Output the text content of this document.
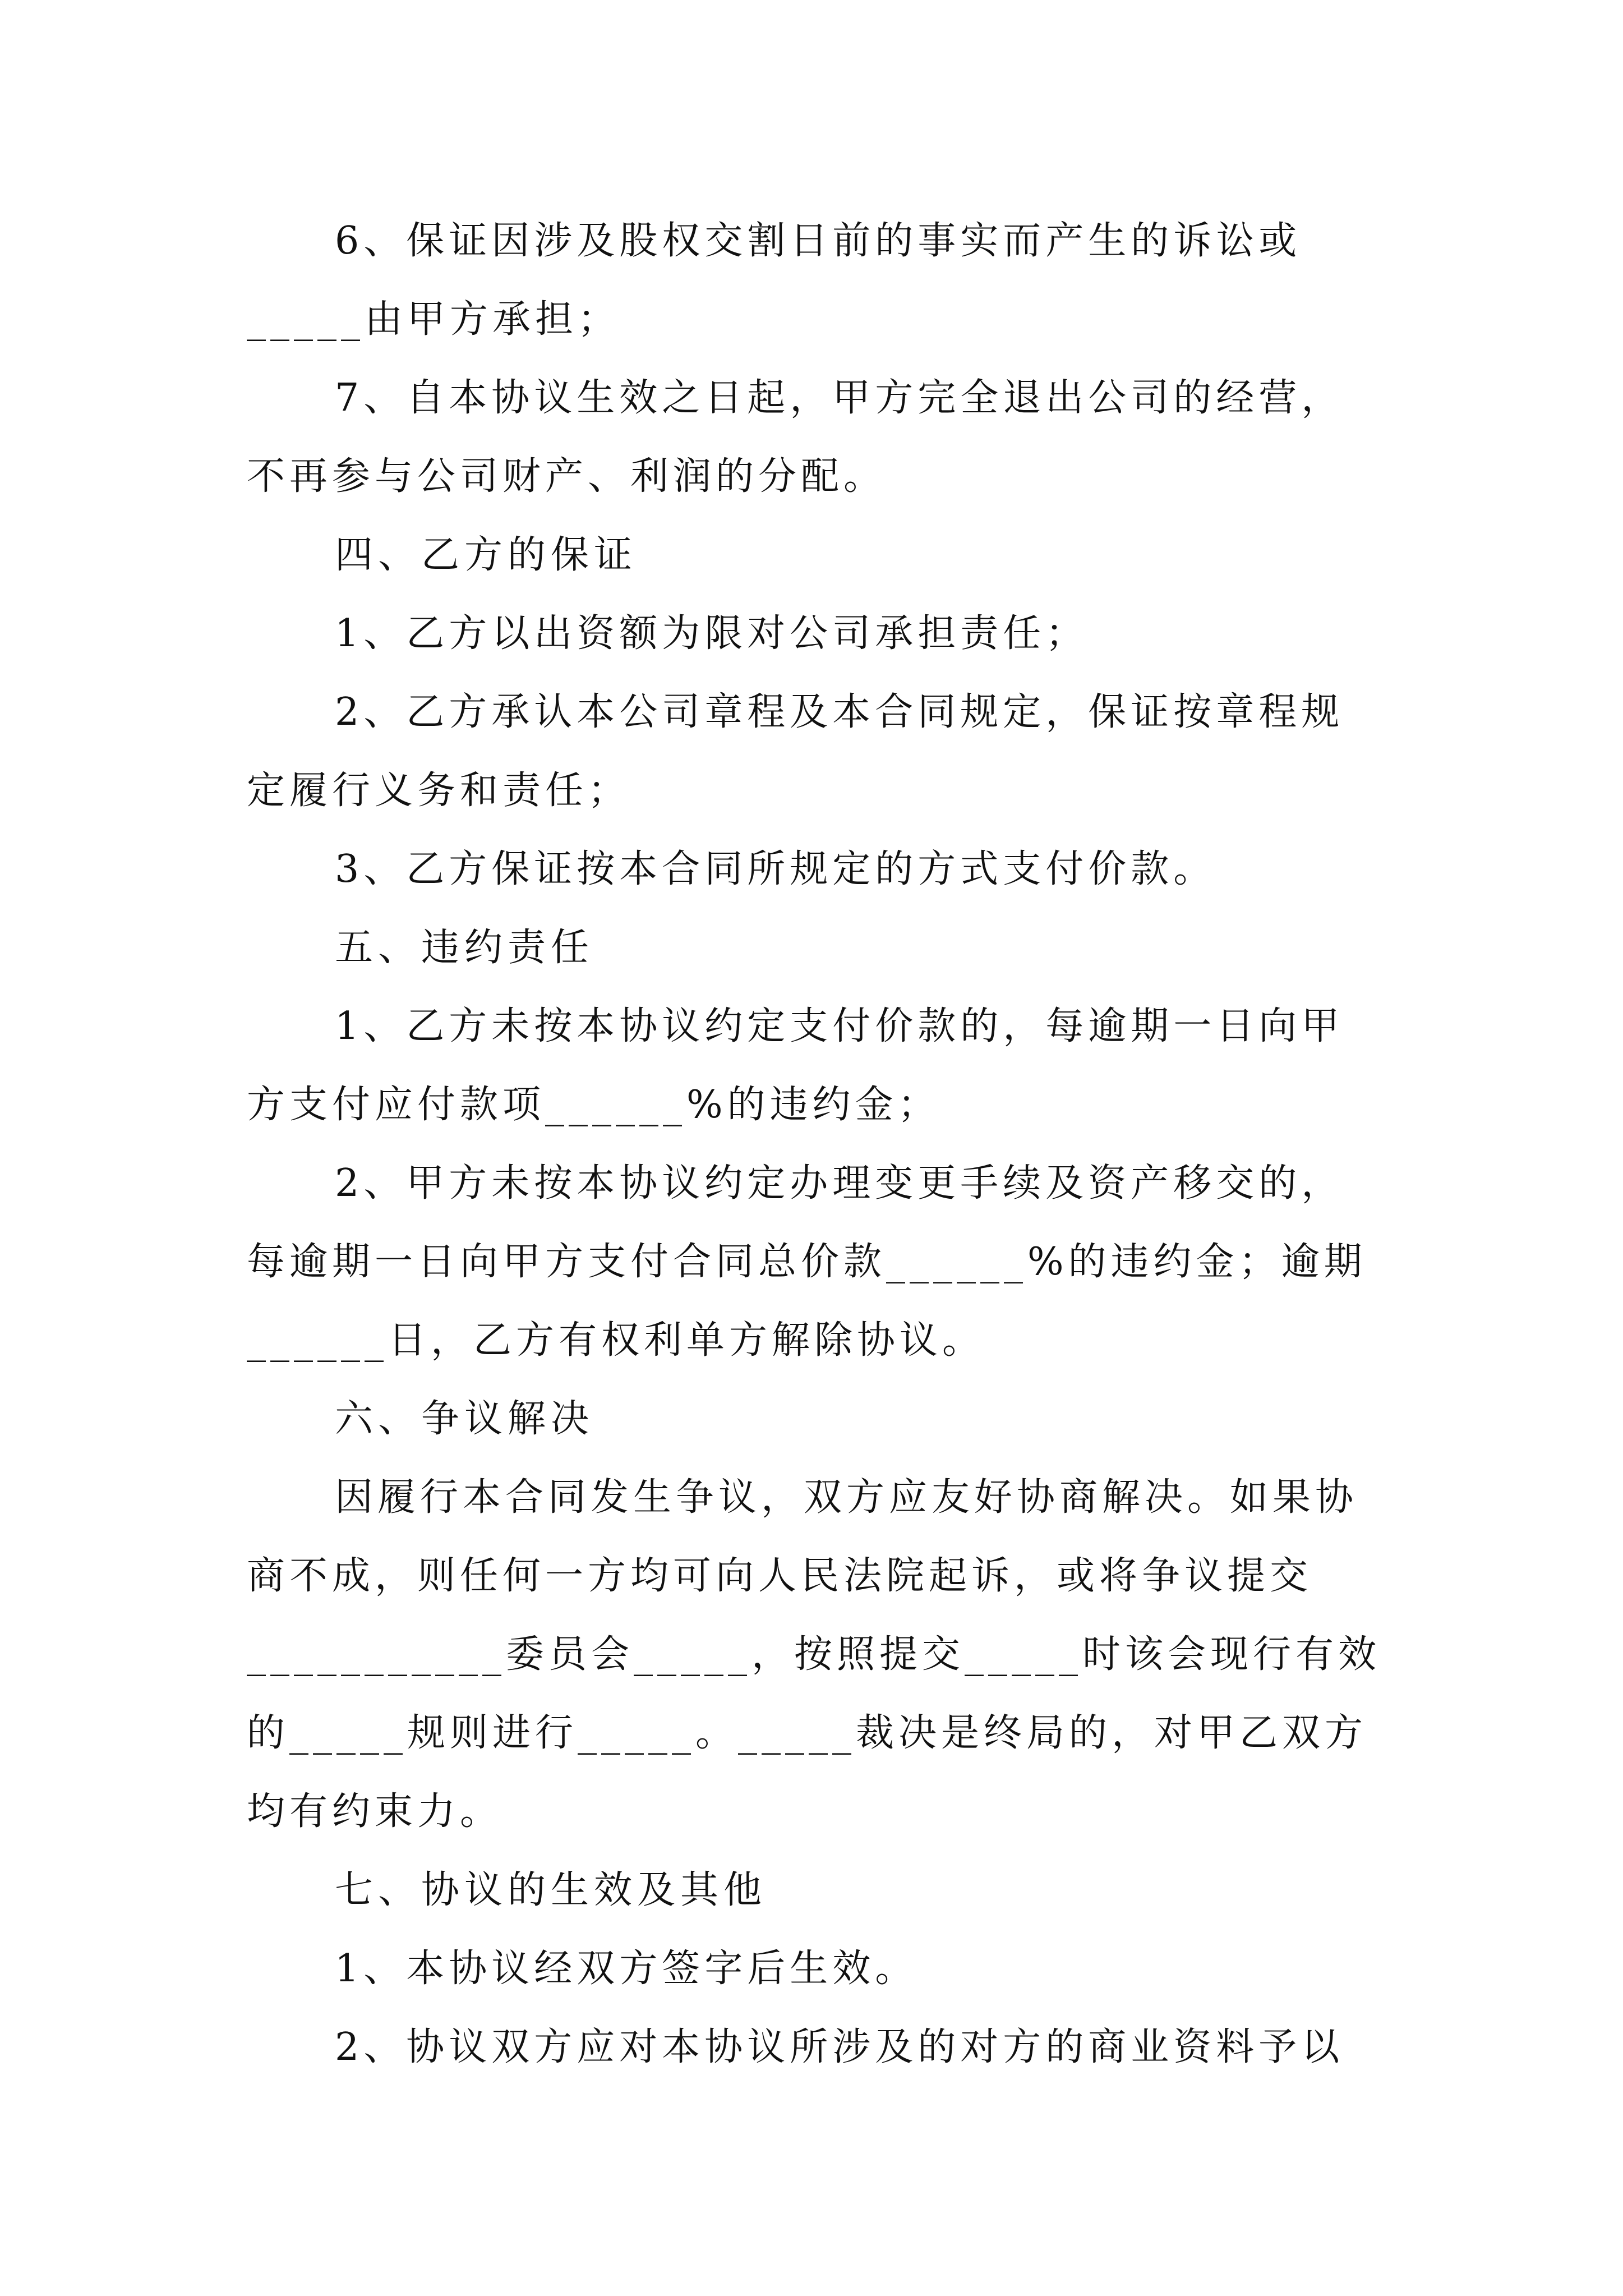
6、保证因涉及股权交割日前的事实而产生的诉讼或
_____由甲方承担；
7、自本协议生效之日起，甲方完全退出公司的经营，
不再参与公司财产、利润的分配。
四、乙方的保证
1、乙方以出资额为限对公司承担责任；
2、乙方承认本公司章程及本合同规定，保证按章程规
定履行义务和责任；
3、乙方保证按本合同所规定的方式支付价款。
五、违约责任
1、乙方未按本协议约定支付价款的，每逾期一日向甲
方支付应付款项______%的违约金；
2、甲方未按本协议约定办理变更手续及资产移交的，
每逾期一日向甲方支付合同总价款______%的违约金；逾期
______日，乙方有权利单方解除协议。
六、争议解决
因履行本合同发生争议，双方应友好协商解决。如果协
商不成，则任何一方均可向人民法院起诉，或将争议提交
___________委员会_____，按照提交_____时该会现行有效
的_____规则进行_____。_____裁决是终局的，对甲乙双方
均有约束力。
七、协议的生效及其他
1、本协议经双方签字后生效。
2、协议双方应对本协议所涉及的对方的商业资料予以
